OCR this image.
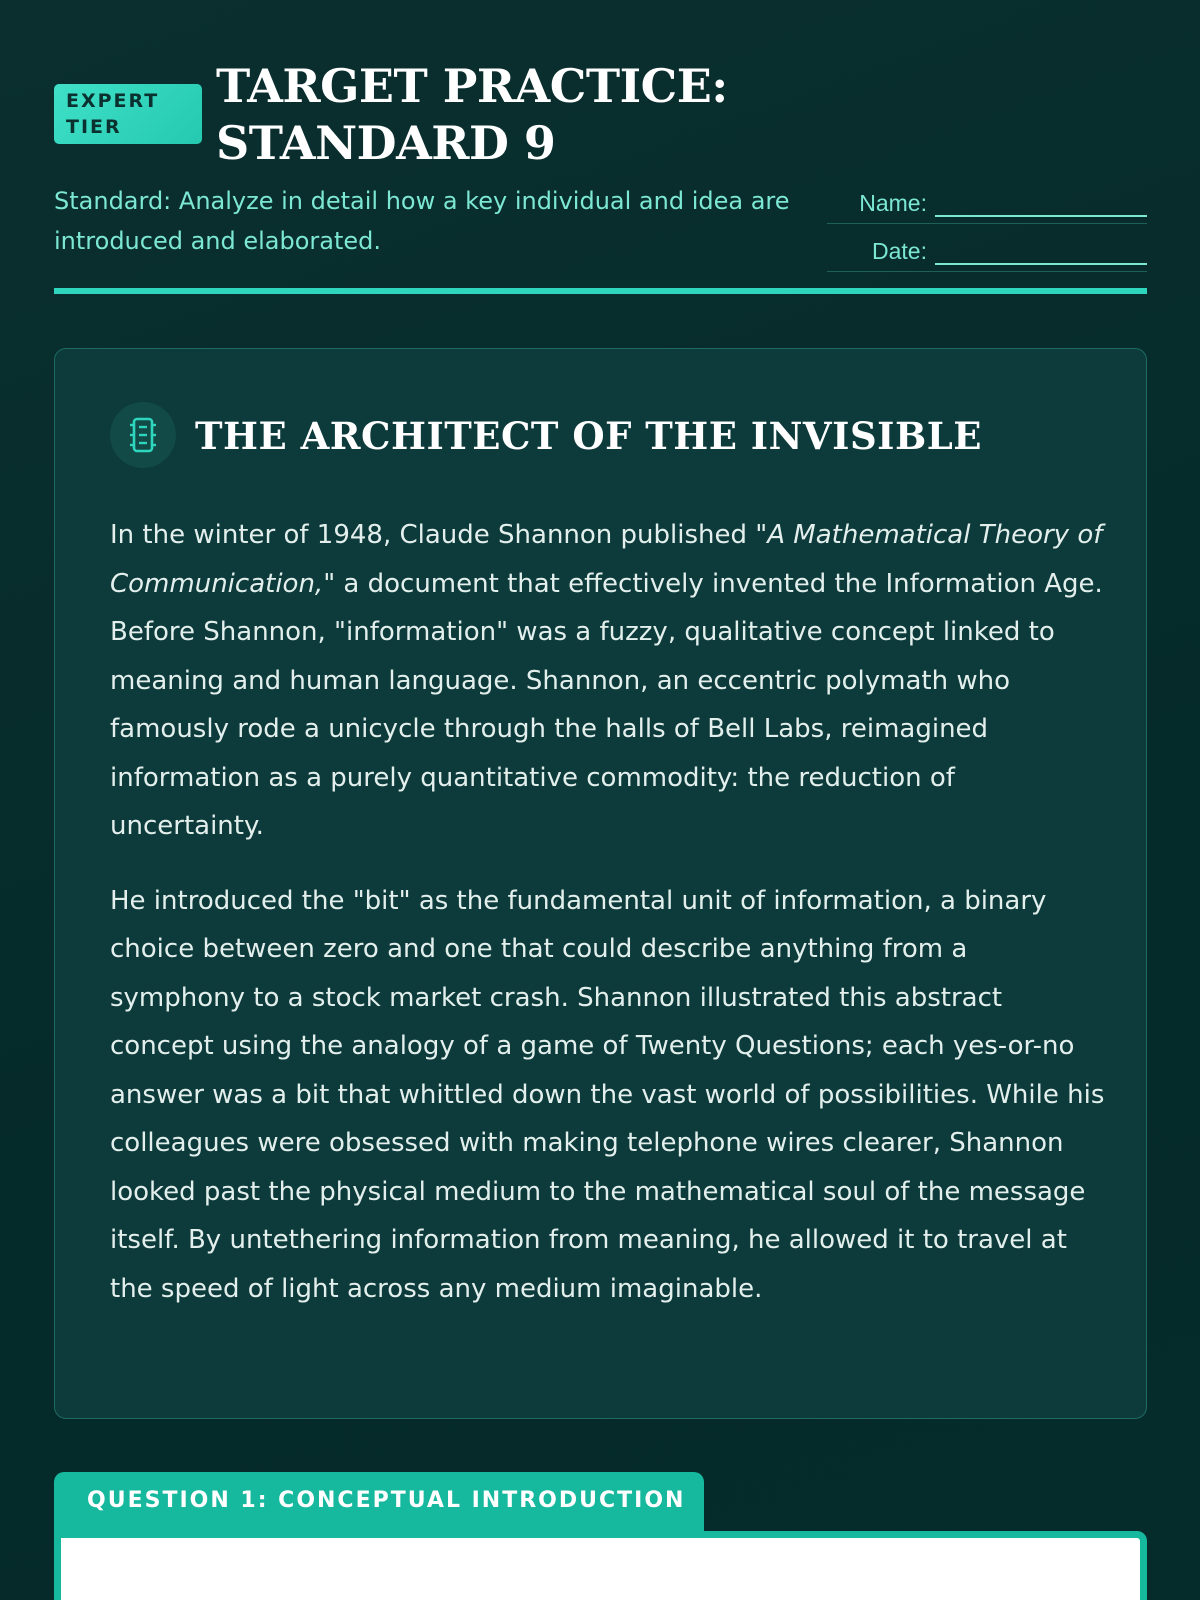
EXPERT TIER
TARGET PRACTICE: STANDARD 9
Standard: Analyze in detail how a key individual and idea are introduced and elaborated.
Name:
Date:
THE ARCHITECT OF THE INVISIBLE

In the winter of 1948, Claude Shannon published "A Mathematical Theory of Communication," a document that effectively invented the Information Age. Before Shannon, "information" was a fuzzy, qualitative concept linked to meaning and human language. Shannon, an eccentric polymath who famously rode a unicycle through the halls of Bell Labs, reimagined information as a purely quantitative commodity: the reduction of uncertainty.

He introduced the "bit" as the fundamental unit of information, a binary choice between zero and one that could describe anything from a symphony to a stock market crash. Shannon illustrated this abstract concept using the analogy of a game of Twenty Questions; each yes-or-no answer was a bit that whittled down the vast world of possibilities. While his colleagues were obsessed with making telephone wires clearer, Shannon looked past the physical medium to the mathematical soul of the message itself. By untethering information from meaning, he allowed it to travel at the speed of light across any medium imaginable.

QUESTION 1: CONCEPTUAL INTRODUCTION
